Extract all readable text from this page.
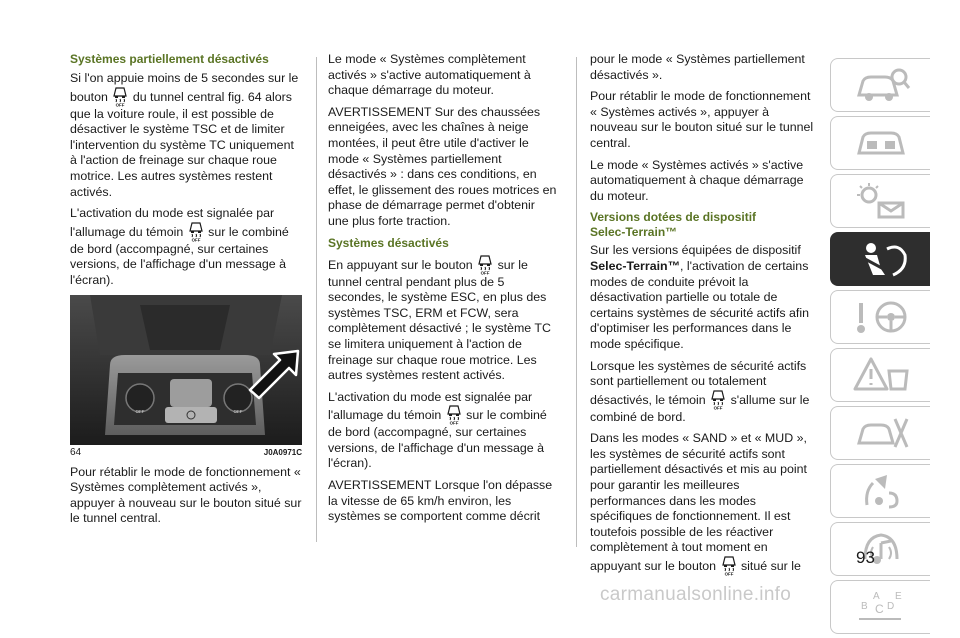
Systèmes partiellement désactivés

Si l'on appuie moins de 5 secondes sur le bouton du tunnel central fig. 64 alors que la voiture roule, il est possible de désactiver le système TSC et de limiter l'intervention du système TC uniquement à l'action de freinage sur chaque roue motrice. Les autres systèmes restent activés.

L'activation du mode est signalée par l'allumage du témoin sur le combiné de bord (accompagné, sur certaines versions, de l'affichage d'un message à l'écran).

OFF	OFF
64	J0A0971C

Pour rétablir le mode de fonctionnement « Systèmes complètement activés », appuyer à nouveau sur le bouton situé sur le tunnel central.

Le mode « Systèmes complètement activés » s'active automatiquement à chaque démarrage du moteur.

AVERTISSEMENT Sur des chaussées enneigées, avec les chaînes à neige montées, il peut être utile d'activer le mode « Systèmes partiellement désactivés » : dans ces conditions, en effet, le glissement des roues motrices en phase de démarrage permet d'obtenir une plus forte traction.

Systèmes désactivés

En appuyant sur le bouton sur le tunnel central pendant plus de 5 secondes, le système ESC, en plus des systèmes TSC, ERM et FCW, sera complètement désactivé ; le système TC se limitera uniquement à l'action de freinage sur chaque roue motrice. Les autres systèmes restent activés.

L'activation du mode est signalée par l'allumage du témoin sur le combiné de bord (accompagné, sur certaines versions, de l'affichage d'un message à l'écran).

AVERTISSEMENT Lorsque l'on dépasse la vitesse de 65 km/h environ, les systèmes se comportent comme décrit

pour le mode « Systèmes partiellement désactivés ».

Pour rétablir le mode de fonctionnement « Systèmes activés », appuyer à nouveau sur le bouton situé sur le tunnel central.

Le mode « Systèmes activés » s'active automatiquement à chaque démarrage du moteur.

Versions dotées de dispositif
Selec-Terrain™

Sur les versions équipées de dispositif Selec-Terrain™, l'activation de certains modes de conduite prévoit la désactivation partielle ou totale de certains systèmes de sécurité actifs afin d'optimiser les performances dans le mode spécifique.

Lorsque les systèmes de sécurité actifs sont partiellement ou totalement désactivés, le témoin s'allume sur le combiné de bord.

Dans les modes « SAND » et « MUD », les systèmes de sécurité actifs sont partiellement désactivés et mis au point pour garantir les meilleures performances dans les modes spécifiques de fonctionnement. Il est toutefois possible de les réactiver complètement à tout moment en appuyant sur le bouton situé sur le

A
B C D
E
93
carmanualsonline.info
